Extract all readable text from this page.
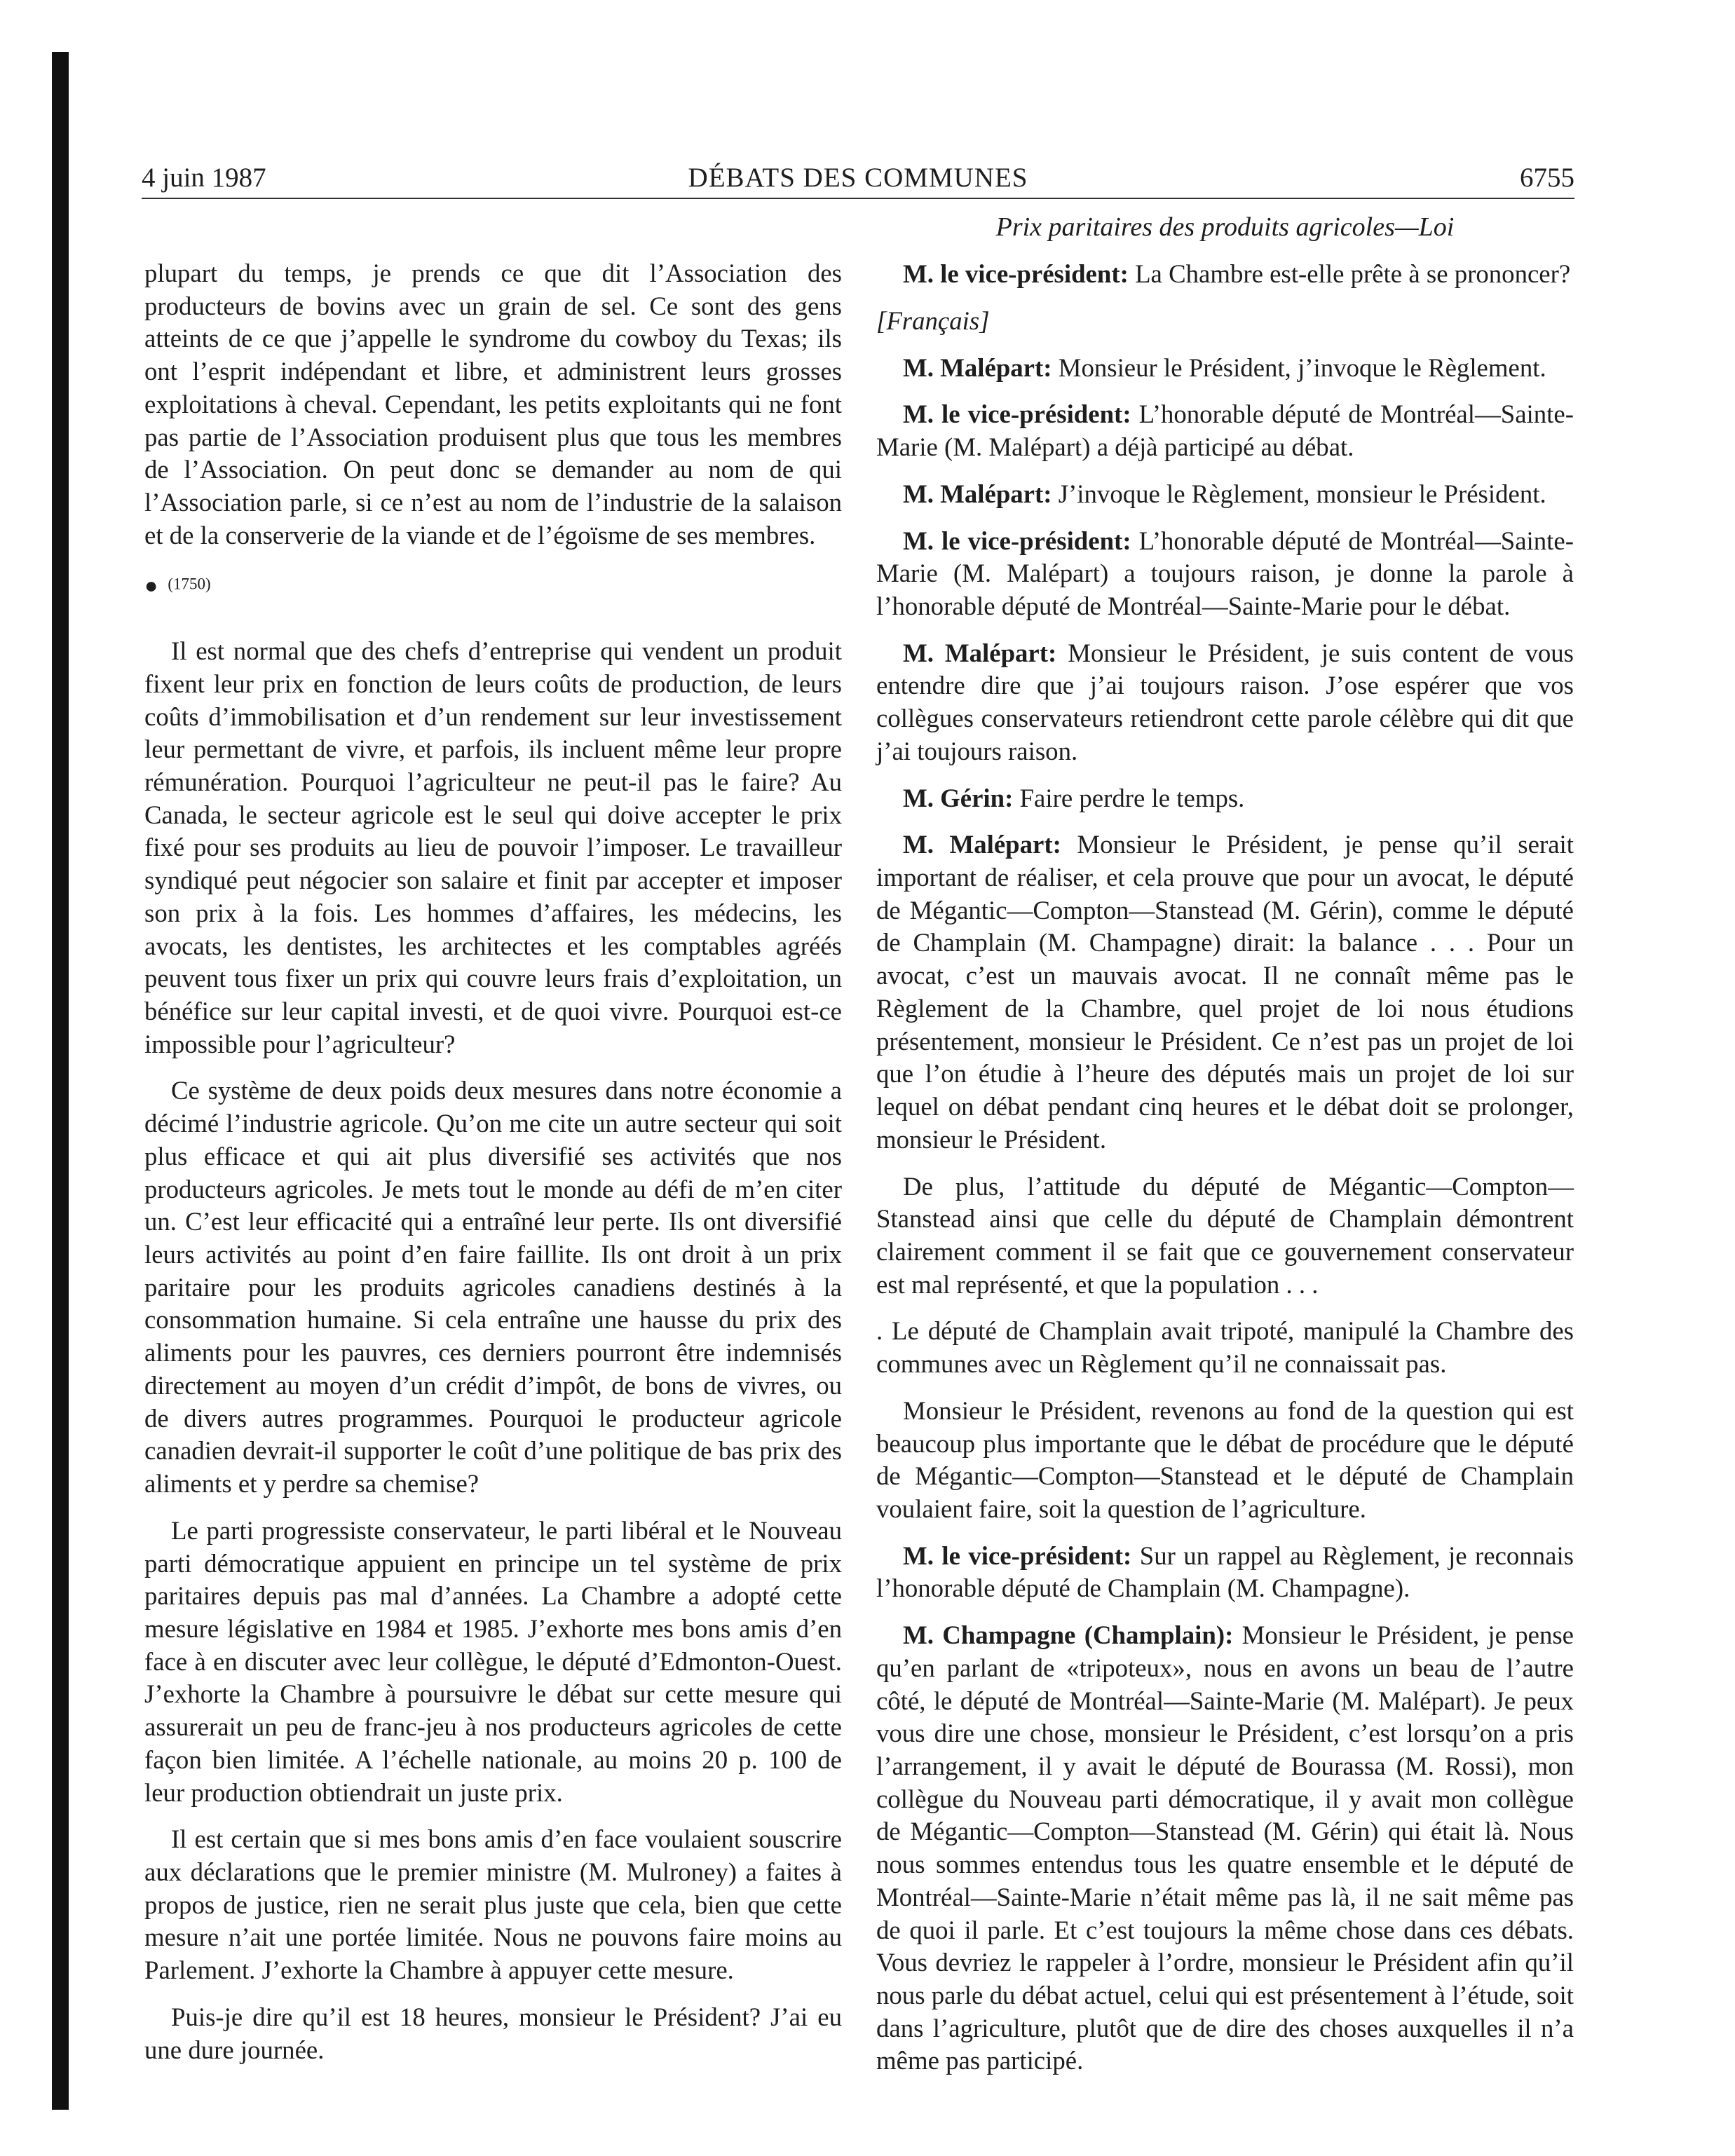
4 juin 1987	DÉBATS DES COMMUNES	6755

plupart du temps, je prends ce que dit l’Association des producteurs de bovins avec un grain de sel. Ce sont des gens atteints de ce que j’appelle le syndrome du cowboy du Texas; ils ont l’esprit indépendant et libre, et administrent leurs grosses exploitations à cheval. Cependant, les petits exploitants qui ne font pas partie de l’Association produisent plus que tous les membres de l’Association. On peut donc se demander au nom de qui l’Association parle, si ce n’est au nom de l’industrie de la salaison et de la conserverie de la viande et de l’égoïsme de ses membres.

● (1750)

Il est normal que des chefs d’entreprise qui vendent un produit fixent leur prix en fonction de leurs coûts de production, de leurs coûts d’immobilisation et d’un rendement sur leur investissement leur permettant de vivre, et parfois, ils incluent même leur propre rémunération. Pourquoi l’agriculteur ne peut-il pas le faire? Au Canada, le secteur agricole est le seul qui doive accepter le prix fixé pour ses produits au lieu de pouvoir l’imposer. Le travailleur syndiqué peut négocier son salaire et finit par accepter et imposer son prix à la fois. Les hommes d’affaires, les médecins, les avocats, les dentistes, les architectes et les comptables agréés peuvent tous fixer un prix qui couvre leurs frais d’exploitation, un bénéfice sur leur capital investi, et de quoi vivre. Pourquoi est-ce impossible pour l’agriculteur?

Ce système de deux poids deux mesures dans notre économie a décimé l’industrie agricole. Qu’on me cite un autre secteur qui soit plus efficace et qui ait plus diversifié ses activités que nos producteurs agricoles. Je mets tout le monde au défi de m’en citer un. C’est leur efficacité qui a entraîné leur perte. Ils ont diversifié leurs activités au point d’en faire faillite. Ils ont droit à un prix paritaire pour les produits agricoles canadiens destinés à la consommation humaine. Si cela entraîne une hausse du prix des aliments pour les pauvres, ces derniers pourront être indemnisés directement au moyen d’un crédit d’impôt, de bons de vivres, ou de divers autres programmes. Pourquoi le producteur agricole canadien devrait-il supporter le coût d’une politique de bas prix des aliments et y perdre sa chemise?

Le parti progressiste conservateur, le parti libéral et le Nouveau parti démocratique appuient en principe un tel système de prix paritaires depuis pas mal d’années. La Chambre a adopté cette mesure législative en 1984 et 1985. J’exhorte mes bons amis d’en face à en discuter avec leur collègue, le député d’Edmonton-Ouest. J’exhorte la Chambre à poursuivre le débat sur cette mesure qui assurerait un peu de franc-jeu à nos producteurs agricoles de cette façon bien limitée. A l’échelle nationale, au moins 20 p. 100 de leur production obtiendrait un juste prix.

Il est certain que si mes bons amis d’en face voulaient souscrire aux déclarations que le premier ministre (M. Mulroney) a faites à propos de justice, rien ne serait plus juste que cela, bien que cette mesure n’ait une portée limitée. Nous ne pouvons faire moins au Parlement. J’exhorte la Chambre à appuyer cette mesure.

Puis-je dire qu’il est 18 heures, monsieur le Président? J’ai eu une dure journée.

Prix paritaires des produits agricoles—Loi

M. le vice-président: La Chambre est-elle prête à se prononcer?

[Français]

M. Malépart: Monsieur le Président, j’invoque le Règlement.

M. le vice-président: L’honorable député de Montréal—Sainte-Marie (M. Malépart) a déjà participé au débat.

M. Malépart: J’invoque le Règlement, monsieur le Président.

M. le vice-président: L’honorable député de Montréal—Sainte-Marie (M. Malépart) a toujours raison, je donne la parole à l’honorable député de Montréal—Sainte-Marie pour le débat.

M. Malépart: Monsieur le Président, je suis content de vous entendre dire que j’ai toujours raison. J’ose espérer que vos collègues conservateurs retiendront cette parole célèbre qui dit que j’ai toujours raison.

M. Gérin: Faire perdre le temps.

M. Malépart: Monsieur le Président, je pense qu’il serait important de réaliser, et cela prouve que pour un avocat, le député de Mégantic—Compton—Stanstead (M. Gérin), comme le député de Champlain (M. Champagne) dirait: la balance . . . Pour un avocat, c’est un mauvais avocat. Il ne connaît même pas le Règlement de la Chambre, quel projet de loi nous étudions présentement, monsieur le Président. Ce n’est pas un projet de loi que l’on étudie à l’heure des députés mais un projet de loi sur lequel on débat pendant cinq heures et le débat doit se prolonger, monsieur le Président.

De plus, l’attitude du député de Mégantic—Compton—Stanstead ainsi que celle du député de Champlain démontrent clairement comment il se fait que ce gouvernement conservateur est mal représenté, et que la population . . .

. Le député de Champlain avait tripoté, manipulé la Chambre des communes avec un Règlement qu’il ne connaissait pas.

Monsieur le Président, revenons au fond de la question qui est beaucoup plus importante que le débat de procédure que le député de Mégantic—Compton—Stanstead et le député de Champlain voulaient faire, soit la question de l’agriculture.

M. le vice-président: Sur un rappel au Règlement, je reconnais l’honorable député de Champlain (M. Champagne).

M. Champagne (Champlain): Monsieur le Président, je pense qu’en parlant de «tripoteux», nous en avons un beau de l’autre côté, le député de Montréal—Sainte-Marie (M. Malépart). Je peux vous dire une chose, monsieur le Président, c’est lorsqu’on a pris l’arrangement, il y avait le député de Bourassa (M. Rossi), mon collègue du Nouveau parti démocratique, il y avait mon collègue de Mégantic—Compton—Stanstead (M. Gérin) qui était là. Nous nous sommes entendus tous les quatre ensemble et le député de Montréal—Sainte-Marie n’était même pas là, il ne sait même pas de quoi il parle. Et c’est toujours la même chose dans ces débats. Vous devriez le rappeler à l’ordre, monsieur le Président afin qu’il nous parle du débat actuel, celui qui est présentement à l’étude, soit dans l’agriculture, plutôt que de dire des choses auxquelles il n’a même pas participé.
